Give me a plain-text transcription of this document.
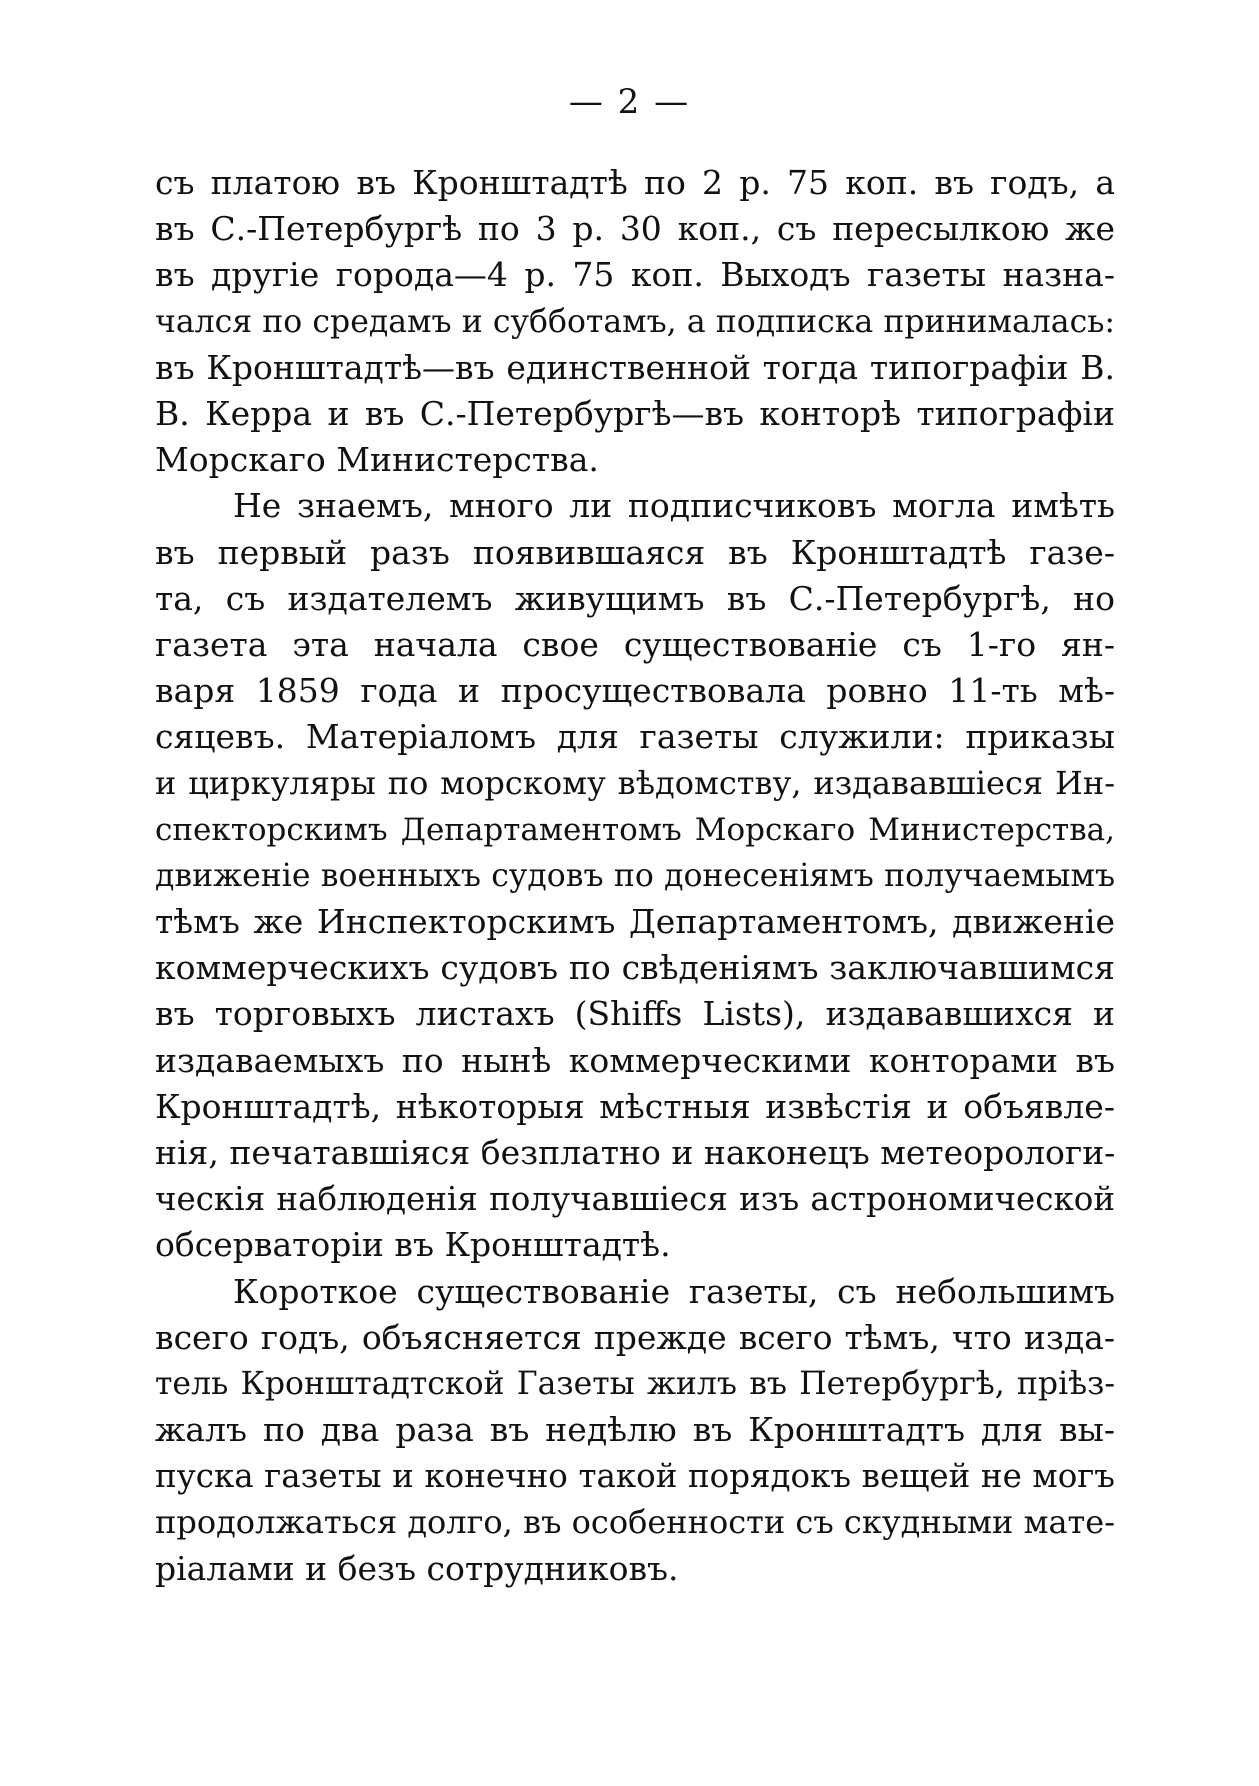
— 2 —
съ платою въ Кронштадтѣ по 2 р. 75 коп. въ годъ, а
въ С.-Петербургѣ по 3 р. 30 коп., съ пересылкою же
въ другіе города—4 р. 75 коп. Выходъ газеты назна-
чался по средамъ и субботамъ, а подписка принималась:
въ Кронштадтѣ—въ единственной тогда типографіи В.
В. Керра и въ С.-Петербургѣ—въ конторѣ типографіи
Морскаго Министерства.
Не знаемъ, много ли подписчиковъ могла имѣть
въ первый разъ появившаяся въ Кронштадтѣ газе-
та, съ издателемъ живущимъ въ С.-Петербургѣ, но
газета эта начала свое существованіе съ 1-го ян-
варя 1859 года и просуществовала ровно 11-ть мѣ-
сяцевъ. Матеріаломъ для газеты служили: приказы
и циркуляры по морскому вѣдомству, издававшіеся Ин-
спекторскимъ Департаментомъ Морскаго Министерства,
движеніе военныхъ судовъ по донесеніямъ получаемымъ
тѣмъ же Инспекторскимъ Департаментомъ, движеніе
коммерческихъ судовъ по свѣденіямъ заключавшимся
въ торговыхъ листахъ (Shiffs Lists), издававшихся и
издаваемыхъ по нынѣ коммерческими конторами въ
Кронштадтѣ, нѣкоторыя мѣстныя извѣстія и объявле-
нія, печатавшіяся безплатно и наконецъ метеорологи-
ческія наблюденія получавшіеся изъ астрономической
обсерваторіи въ Кронштадтѣ.
Короткое существованіе газеты, съ небольшимъ
всего годъ, объясняется прежде всего тѣмъ, что изда-
тель Кронштадтской Газеты жилъ въ Петербургѣ, пріѣз-
жалъ по два раза въ недѣлю въ Кронштадтъ для вы-
пуска газеты и конечно такой порядокъ вещей не могъ
продолжаться долго, въ особенности съ скудными мате-
ріалами и безъ сотрудниковъ.
